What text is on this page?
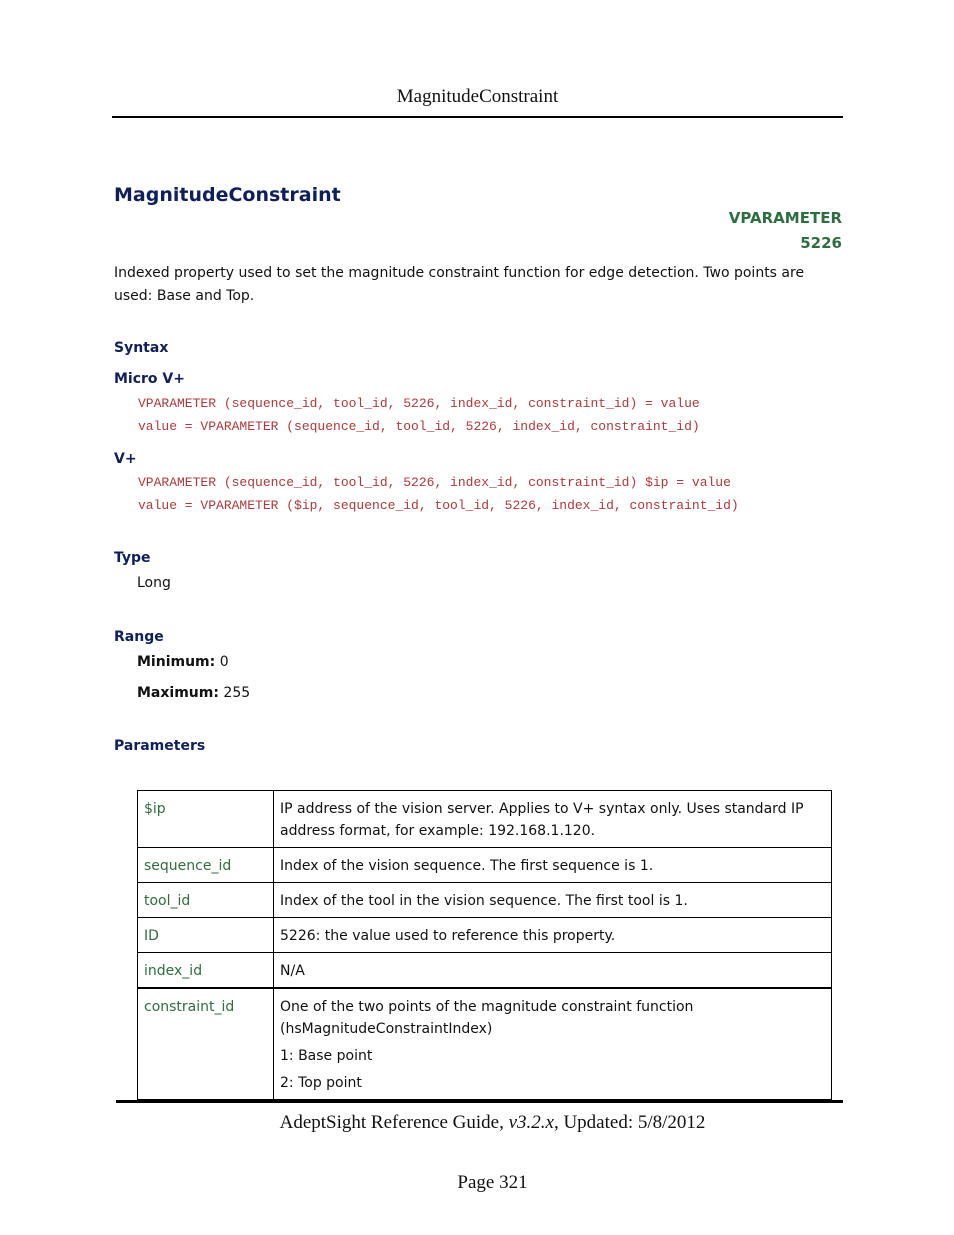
MagnitudeConstraint
MagnitudeConstraint
VPARAMETER
5226
Indexed property used to set the magnitude constraint function for edge detection. Two points are used: Base and Top.
Syntax
Micro V+
VPARAMETER (sequence_id, tool_id, 5226, index_id, constraint_id) = value
value = VPARAMETER (sequence_id, tool_id, 5226, index_id, constraint_id)
V+
VPARAMETER (sequence_id, tool_id, 5226, index_id, constraint_id) $ip = value
value = VPARAMETER ($ip, sequence_id, tool_id, 5226, index_id, constraint_id)
Type
Long
Range
Minimum: 0
Maximum: 255
Parameters
$ip	IP address of the vision server. Applies to V+ syntax only. Uses standard IP address format, for example: 192.168.1.120.
sequence_id	Index of the vision sequence. The first sequence is 1.
tool_id	Index of the tool in the vision sequence. The first tool is 1.
ID	5226: the value used to reference this property.
index_id	N/A
constraint_id	One of the two points of the magnitude constraint function (hsMagnitudeConstraintIndex)
1: Base point
2: Top point
AdeptSight Reference Guide, v3.2.x, Updated: 5/8/2012
Page 321
